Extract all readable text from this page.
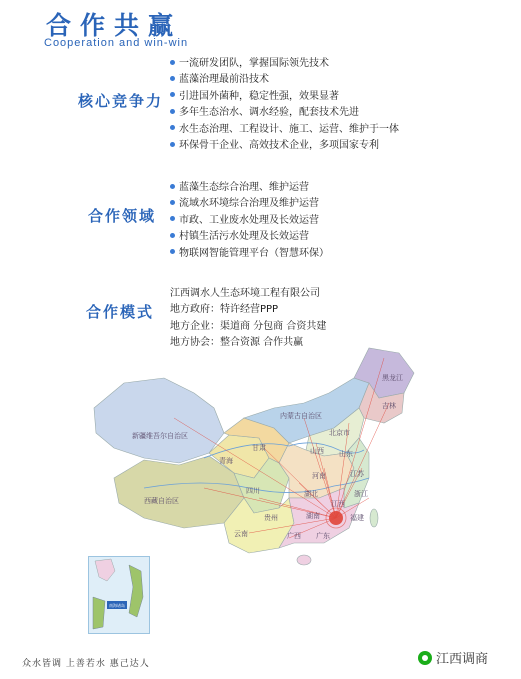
合作共赢
Cooperation and win-win
核心竞争力
一流研发团队，掌握国际领先技术
蓝藻治理最前沿技术
引进国外菌种，稳定性强，效果显著
多年生态治水、调水经验，配套技术先进
水生态治理、工程设计、施工、运营、维护于一体
环保骨干企业、高效技术企业，多项国家专利
合作领域
蓝藻生态综合治理、维护运营
流域水环境综合治理及维护运营
市政、工业废水处理及长效运营
村镇生活污水处理及长效运营
物联网智能管理平台（智慧环保）
合作模式
江西调水人生态环境工程有限公司
地方政府：特许经营PPP
地方企业：渠道商 分包商 合资共建
地方协会：整合资源 合作共赢
黑龙江
吉林
内蒙古自治区
北京市
新疆维吾尔自治区
甘肃
青海
西藏自治区
四川
山西
河南
湖北
湖南
江西
福建
广东
广西
云南
贵州
浙江
江苏
山东
南海诸岛
众水皆调 上善若水 惠己达人	江西调商
